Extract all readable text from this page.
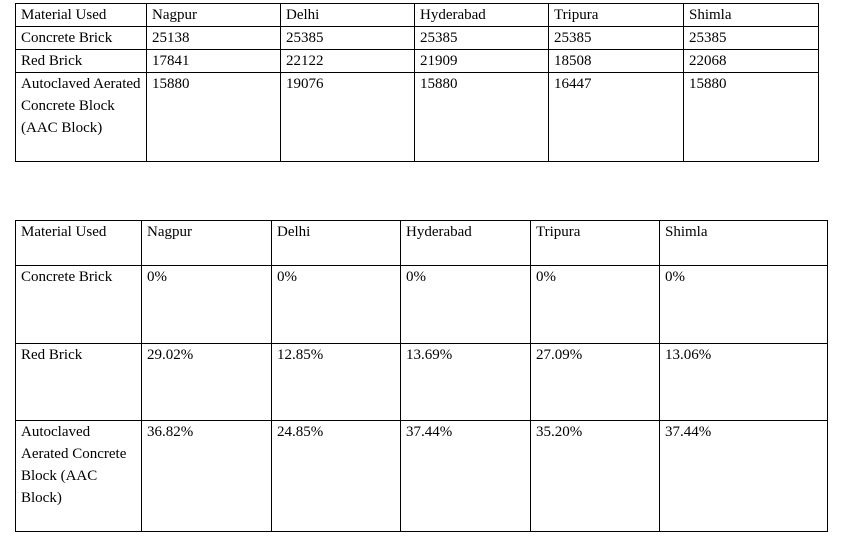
Material Used	Nagpur	Delhi	Hyderabad	Tripura	Shimla
Concrete Brick	25138	25385	25385	25385	25385
Red Brick	17841	22122	21909	18508	22068
Autoclaved Aerated Concrete Block (AAC Block)	15880	19076	15880	16447	15880
Material Used	Nagpur	Delhi	Hyderabad	Tripura	Shimla
Concrete Brick	0%	0%	0%	0%	0%
Red Brick	29.02%	12.85%	13.69%	27.09%	13.06%
Autoclaved Aerated Concrete Block (AAC Block)	36.82%	24.85%	37.44%	35.20%	37.44%
